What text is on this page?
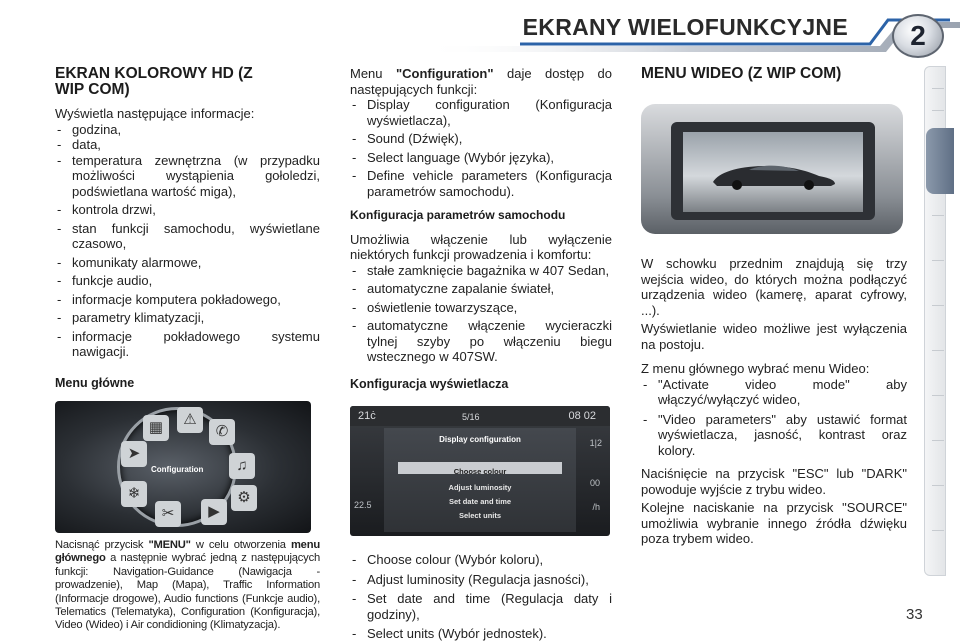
EKRANY WIELOFUNKCYJNE	2
EKRAN KOLOROWY HD (Z WIP COM)

Wyświetla następujące informacje:

- godzina,
- data,
- temperatura zewnętrzna (w przypadku możliwości wystąpienia gołoledzi, podświetlana wartość miga),
- kontrola drzwi,
- stan funkcji samochodu, wyświetlane czasowo,
- komunikaty alarmowe,
- funkcje audio,
- informacje komputera pokładowego,
- parametry klimatyzacji,
- informacje pokładowego systemu nawigacji.
Menu główne
⚠
▦	✆
➤
♫
❄
✂	▶
⚙
Configuration

Nacisnąć przycisk "MENU" w celu otworzenia menu głównego a następnie wybrać jedną z następujących funkcji: Navigation-Guidance (Nawigacja - prowadzenie), Map (Mapa), Traffic Information (Informacje drogowe), Audio functions (Funkcje audio), Telematics (Telematyka), Configuration (Konfiguracja), Video (Wideo) i Air condidioning (Klimatyzacja).

Menu "Configuration" daje dostęp do następujących funkcji:

- Display configuration (Konfiguracja wyświetlacza),
- Sound (Dźwięk),
- Select language (Wybór języka),
- Define vehicle parameters (Konfiguracja parametrów samochodu).
Konfiguracja parametrów samochodu

Umożliwia włączenie lub wyłączenie niektórych funkcji prowadzenia i komfortu:

- stałe zamknięcie bagażnika w 407 Sedan,
- automatyczne zapalanie świateł,
- oświetlenie towarzyszące,
- automatyczne włączenie wycieraczki tylnej szyby po włączeniu biegu wstecznego w 407SW.
Konfiguracja wyświetlacza
21ċ	5/16	08 02
Display configuration
Choose colour
Adjust luminosity
Set date and time
Select units
22.5
1|2
00
/h
- Choose colour (Wybór koloru),
- Adjust luminosity (Regulacja jasności),
- Set date and time (Regulacja daty i godziny),
- Select units (Wybór jednostek).
MENU WIDEO (Z WIP COM)

W schowku przednim znajdują się trzy wejścia wideo, do których można podłączyć urządzenia wideo (kamerę, aparat cyfrowy, ...).

Wyświetlanie wideo możliwe jest wyłączenia na postoju.

Z menu głównego wybrać menu Wideo:

- "Activate video mode" aby włączyć/wyłączyć wideo,
- "Video parameters" aby ustawić format wyświetlacza, jasność, kontrast oraz kolory.

Naciśnięcie na przycisk "ESC" lub "DARK" powoduje wyjście z trybu wideo.

Kolejne naciskanie na przycisk "SOURCE" umożliwia wybranie innego źródła dźwięku poza trybem wideo.

33
